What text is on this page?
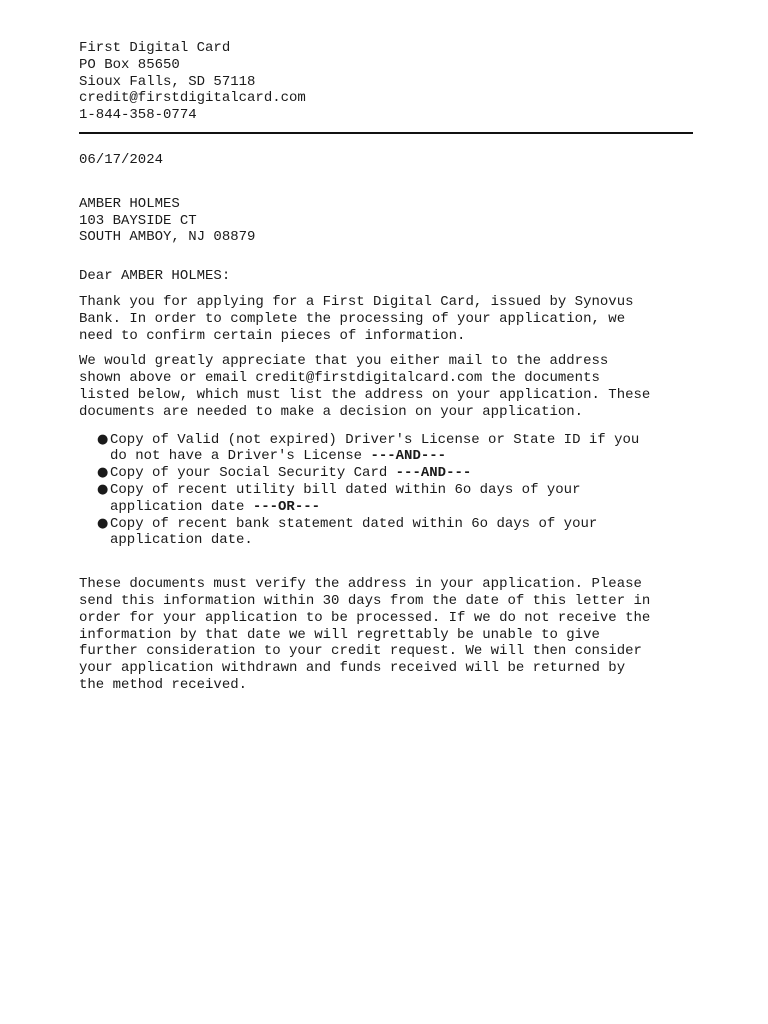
First Digital Card
PO Box 85650
Sioux Falls, SD 57118
credit@firstdigitalcard.com
1-844-358-0774
06/17/2024
AMBER HOLMES
103 BAYSIDE CT
SOUTH AMBOY, NJ 08879
Dear AMBER HOLMES:

Thank you for applying for a First Digital Card, issued by Synovus
Bank. In order to complete the processing of your application, we
need to confirm certain pieces of information.

We would greatly appreciate that you either mail to the address
shown above or email credit@firstdigitalcard.com the documents
listed below, which must list the address on your application. These
documents are needed to make a decision on your application.

● Copy of Valid (not expired) Driver's License or State ID if you
do not have a Driver's License ---AND---
● Copy of your Social Security Card ---AND---
● Copy of recent utility bill dated within 6o days of your
application date ---OR---
● Copy of recent bank statement dated within 6o days of your
application date.

These documents must verify the address in your application. Please
send this information within 30 days from the date of this letter in
order for your application to be processed. If we do not receive the
information by that date we will regrettably be unable to give
further consideration to your credit request. We will then consider
your application withdrawn and funds received will be returned by
the method received.
